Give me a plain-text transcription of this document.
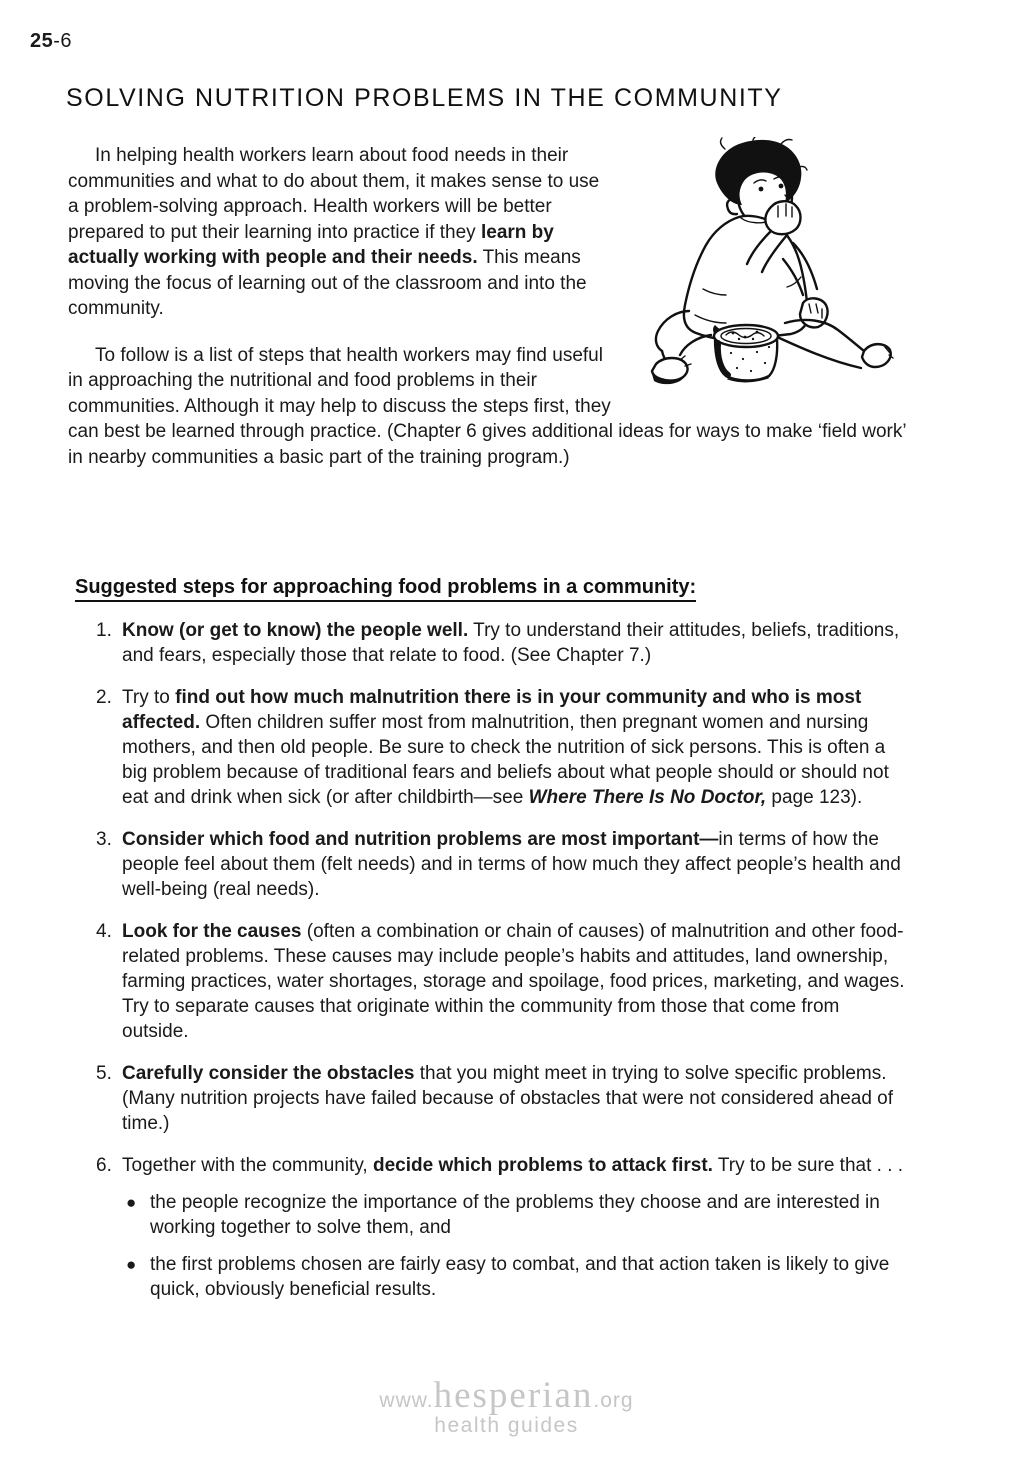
25-6
SOLVING NUTRITION PROBLEMS IN THE COMMUNITY

In helping health workers learn about food needs in their communities and what to do about them, it makes sense to use a problem-solving approach. Health workers will be better prepared to put their learning into practice if they learn by actually working with people and their needs. This means moving the focus of learning out of the classroom and into the community.

To follow is a list of steps that health workers may find useful in approaching the nutritional and food problems in their communities. Although it may help to discuss the steps first, they can best be learned through practice. (Chapter 6 gives additional ideas for ways to make ‘field work’ in nearby communities a basic part of the training program.)

Suggested steps for approaching food problems in a community:
1. Know (or get to know) the people well. Try to understand their attitudes, beliefs, traditions, and fears, especially those that relate to food. (See Chapter 7.)

2. Try to find out how much malnutrition there is in your community and who is most affected. Often children suffer most from malnutrition, then pregnant women and nursing mothers, and then old people. Be sure to check the nutrition of sick persons. This is often a big problem because of traditional fears and beliefs about what people should or should not eat and drink when sick (or after childbirth—see Where There Is No Doctor, page 123).

3. Consider which food and nutrition problems are most important—in terms of how the people feel about them (felt needs) and in terms of how much they affect people’s health and well-being (real needs).

4. Look for the causes (often a combination or chain of causes) of malnutrition and other food-related problems. These causes may include people’s habits and attitudes, land ownership, farming practices, water shortages, storage and spoilage, food prices, marketing, and wages. Try to separate causes that originate within the community from those that come from outside.

5. Carefully consider the obstacles that you might meet in trying to solve specific problems. (Many nutrition projects have failed because of obstacles that were not considered ahead of time.)

6. Together with the community, decide which problems to attack first. Try to be sure that . . .

● the people recognize the importance of the problems they choose and are interested in working together to solve them, and
● the first problems chosen are fairly easy to combat, and that action taken is likely to give quick, obviously beneficial results.
www.hesperian.org
health guides
